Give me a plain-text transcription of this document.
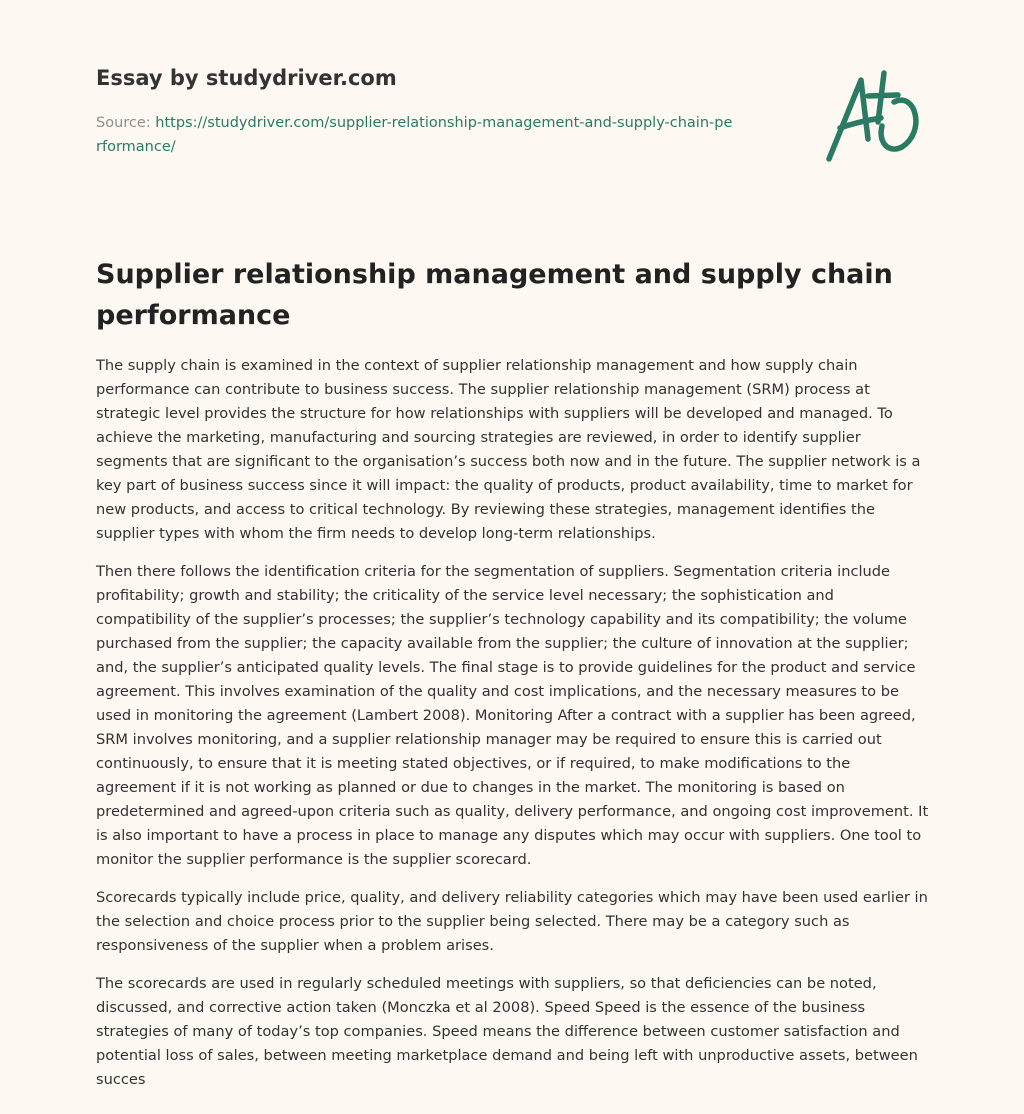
Essay by studydriver.com
Source: https://studydriver.com/supplier-relationship-management-and-supply-chain-performance/
Supplier relationship management and supply chain performance

The supply chain is examined in the context of supplier relationship management and how supply chain performance can contribute to business success. The supplier relationship management (SRM) process at strategic level provides the structure for how relationships with suppliers will be developed and managed. To achieve the marketing, manufacturing and sourcing strategies are reviewed, in order to identify supplier segments that are significant to the organisation’s success both now and in the future. The supplier network is a key part of business success since it will impact: the quality of products, product availability, time to market for new products, and access to critical technology. By reviewing these strategies, management identifies the supplier types with whom the firm needs to develop long-term relationships.

Then there follows the identification criteria for the segmentation of suppliers. Segmentation criteria include profitability; growth and stability; the criticality of the service level necessary; the sophistication and compatibility of the supplier’s processes; the supplier’s technology capability and its compatibility; the volume purchased from the supplier; the capacity available from the supplier; the culture of innovation at the supplier; and, the supplier’s anticipated quality levels. The final stage is to provide guidelines for the product and service agreement. This involves examination of the quality and cost implications, and the necessary measures to be used in monitoring the agreement (Lambert 2008). Monitoring After a contract with a supplier has been agreed, SRM involves monitoring, and a supplier relationship manager may be required to ensure this is carried out continuously, to ensure that it is meeting stated objectives, or if required, to make modifications to the agreement if it is not working as planned or due to changes in the market. The monitoring is based on predetermined and agreed-upon criteria such as quality, delivery performance, and ongoing cost improvement. It is also important to have a process in place to manage any disputes which may occur with suppliers. One tool to monitor the supplier performance is the supplier scorecard.

Scorecards typically include price, quality, and delivery reliability categories which may have been used earlier in the selection and choice process prior to the supplier being selected. There may be a category such as responsiveness of the supplier when a problem arises.

The scorecards are used in regularly scheduled meetings with suppliers, so that deficiencies can be noted, discussed, and corrective action taken (Monczka et al 2008). Speed Speed is the essence of the business strategies of many of today’s top companies. Speed means the difference between customer satisfaction and potential loss of sales, between meeting marketplace demand and being left with unproductive assets, between succes
